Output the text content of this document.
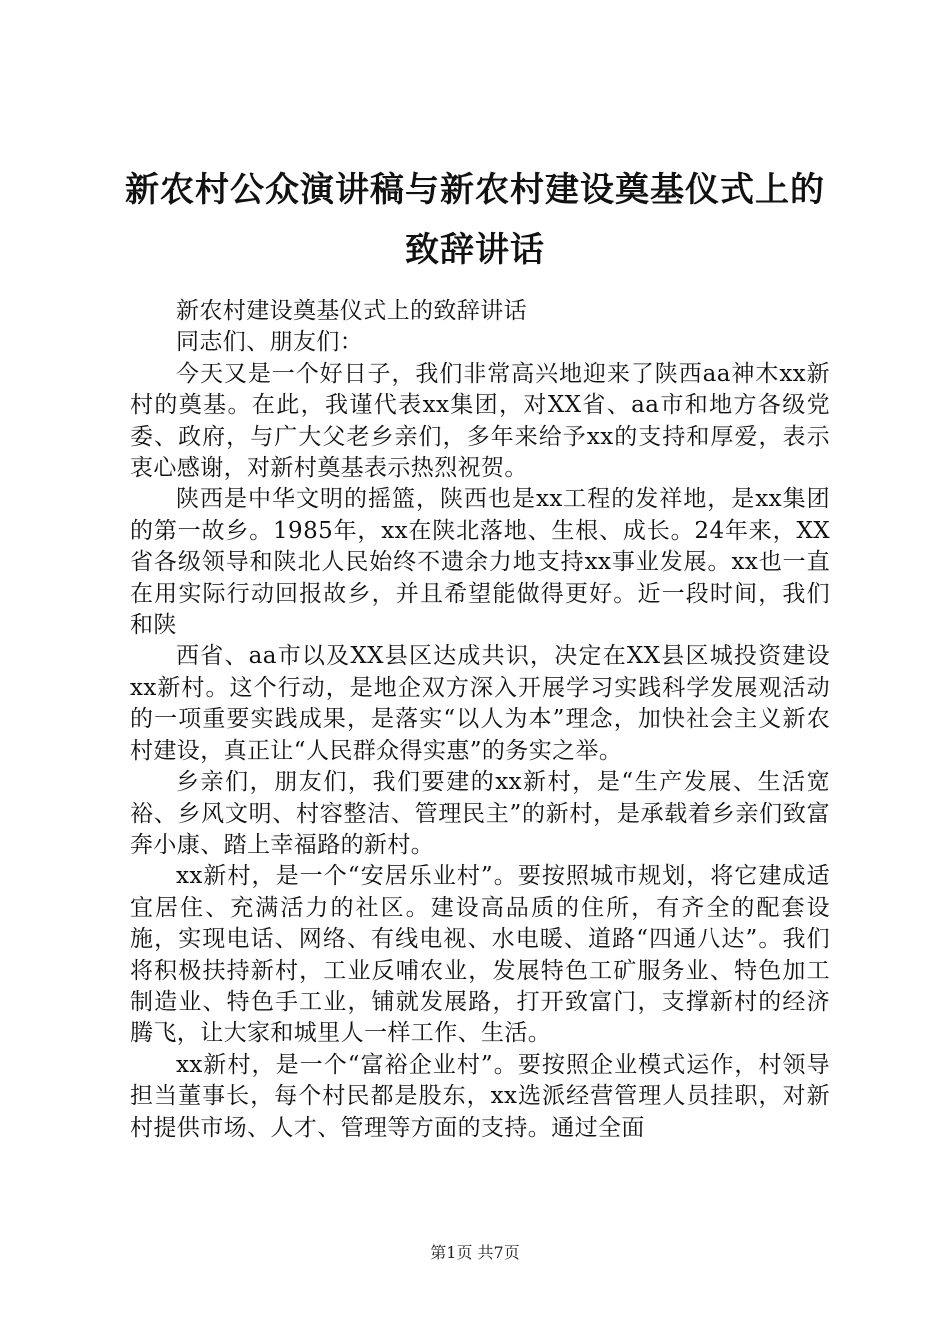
新农村公众演讲稿与新农村建设奠基仪式上的
致辞讲话

新农村建设奠基仪式上的致辞讲话

同志们、朋友们：

今天又是一个好日子，我们非常高兴地迎来了陕西aa神木xx新村的奠基。在此，我谨代表xx集团，对XX省、aa市和地方各级党委、政府，与广大父老乡亲们，多年来给予xx的支持和厚爱，表示衷心感谢，对新村奠基表示热烈祝贺。

陕西是中华文明的摇篮，陕西也是xx工程的发祥地，是xx集团的第一故乡。1985年，xx在陕北落地、生根、成长。24年来，XX省各级领导和陕北人民始终不遗余力地支持xx事业发展。xx也一直在用实际行动回报故乡，并且希望能做得更好。近一段时间，我们和陕

西省、aa市以及XX县区达成共识，决定在XX县区城投资建设xx新村。这个行动，是地企双方深入开展学习实践科学发展观活动的一项重要实践成果，是落实“以人为本”理念，加快社会主义新农村建设，真正让“人民群众得实惠”的务实之举。

乡亲们，朋友们，我们要建的xx新村，是“生产发展、生活宽裕、乡风文明、村容整洁、管理民主”的新村，是承载着乡亲们致富奔小康、踏上幸福路的新村。

xx新村，是一个“安居乐业村”。要按照城市规划，将它建成适宜居住、充满活力的社区。建设高品质的住所，有齐全的配套设施，实现电话、网络、有线电视、水电暖、道路“四通八达”。我们将积极扶持新村，工业反哺农业，发展特色工矿服务业、特色加工制造业、特色手工业，铺就发展路，打开致富门，支撑新村的经济腾飞，让大家和城里人一样工作、生活。

xx新村，是一个“富裕企业村”。要按照企业模式运作，村领导担当董事长，每个村民都是股东，xx选派经营管理人员挂职，对新村提供市场、人才、管理等方面的支持。通过全面

第1页 共7页
